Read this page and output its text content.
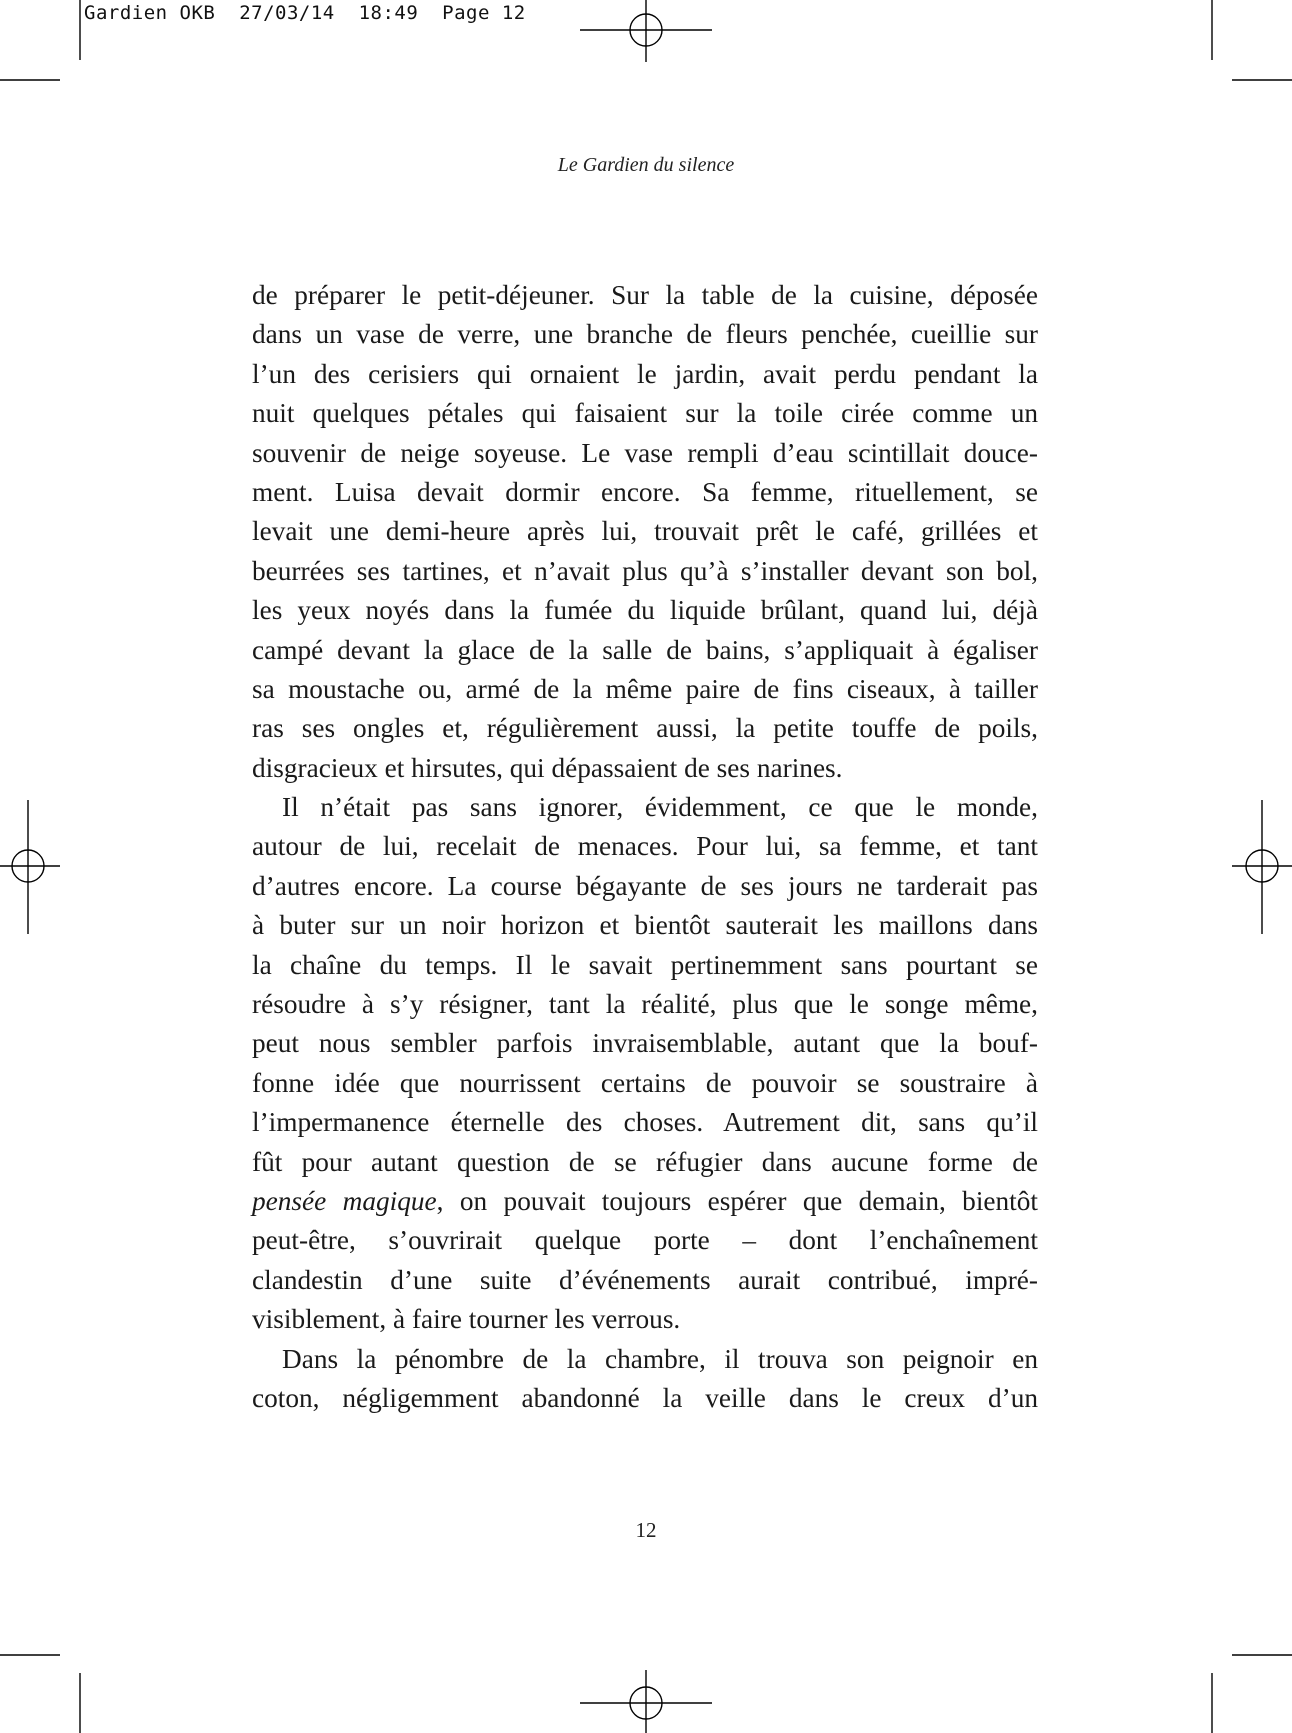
Gardien OKB  27/03/14  18:49  Page 12
Le Gardien du silence
de préparer le petit-déjeuner. Sur la table de la cuisine, déposée
dans un vase de verre, une branche de fleurs penchée, cueillie sur
l’un des cerisiers qui ornaient le jardin, avait perdu pendant la
nuit quelques pétales qui faisaient sur la toile cirée comme un
souvenir de neige soyeuse. Le vase rempli d’eau scintillait douce-
ment. Luisa devait dormir encore. Sa femme, rituellement, se
levait une demi-heure après lui, trouvait prêt le café, grillées et
beurrées ses tartines, et n’avait plus qu’à s’installer devant son bol,
les yeux noyés dans la fumée du liquide brûlant, quand lui, déjà
campé devant la glace de la salle de bains, s’appliquait à égaliser
sa moustache ou, armé de la même paire de fins ciseaux, à tailler
ras ses ongles et, régulièrement aussi, la petite touffe de poils,
disgracieux et hirsutes, qui dépassaient de ses narines.
Il n’était pas sans ignorer, évidemment, ce que le monde,
autour de lui, recelait de menaces. Pour lui, sa femme, et tant
d’autres encore. La course bégayante de ses jours ne tarderait pas
à buter sur un noir horizon et bientôt sauterait les maillons dans
la chaîne du temps. Il le savait pertinemment sans pourtant se
résoudre à s’y résigner, tant la réalité, plus que le songe même,
peut nous sembler parfois invraisemblable, autant que la bouf-
fonne idée que nourrissent certains de pouvoir se soustraire à
l’impermanence éternelle des choses. Autrement dit, sans qu’il
fût pour autant question de se réfugier dans aucune forme de
pensée magique, on pouvait toujours espérer que demain, bientôt
peut-être, s’ouvrirait quelque porte – dont l’enchaînement
clandestin d’une suite d’événements aurait contribué, impré-
visiblement, à faire tourner les verrous.
Dans la pénombre de la chambre, il trouva son peignoir en
coton, négligemment abandonné la veille dans le creux d’un
12
